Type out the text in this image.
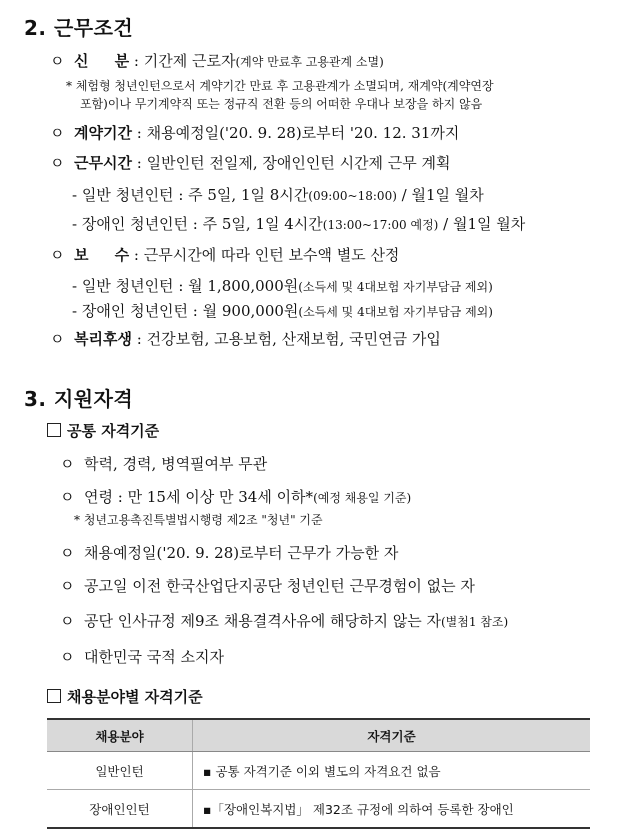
2. 근무조건
ㅇ 신     분 : 기간제 근로자(계약 만료후 고용관계 소멸)
* 체험형 청년인턴으로서 계약기간 만료 후 고용관계가 소멸되며, 재계약(계약연장
포함)이나 무기계약직 또는 정규직 전환 등의 어떠한 우대나 보장을 하지 않음
ㅇ 계약기간 : 채용예정일('20. 9. 28)로부터 '20. 12. 31까지
ㅇ 근무시간 : 일반인턴 전일제, 장애인인턴 시간제 근무 계획
- 일반 청년인턴 : 주 5일, 1일 8시간(09:00~18:00) / 월1일 월차
- 장애인 청년인턴 : 주 5일, 1일 4시간(13:00~17:00 예정) / 월1일 월차
ㅇ 보     수 : 근무시간에 따라 인턴 보수액 별도 산정
- 일반 청년인턴 : 월 1,800,000원(소득세 및 4대보험 자기부담금 제외)
- 장애인 청년인턴 : 월 900,000원(소득세 및 4대보험 자기부담금 제외)
ㅇ 복리후생 : 건강보험, 고용보험, 산재보험, 국민연금 가입
3. 지원자격
공통 자격기준
ㅇ 학력, 경력, 병역필여부 무관
ㅇ 연령 : 만 15세 이상 만 34세 이하*(예정 채용일 기준)
* 청년고용촉진특별법시행령 제2조 "청년" 기준
ㅇ 채용예정일('20. 9. 28)로부터 근무가 가능한 자
ㅇ 공고일 이전 한국산업단지공단 청년인턴 근무경험이 없는 자
ㅇ 공단 인사규정 제9조 채용결격사유에 해당하지 않는 자(별첨1 참조)
ㅇ 대한민국 국적 소지자
채용분야별 자격기준
채용분야	자격기준
일반인턴	▪ 공통 자격기준 이외 별도의 자격요건 없음
장애인인턴	▪「장애인복지법」 제32조 규정에 의하여 등록한 장애인
